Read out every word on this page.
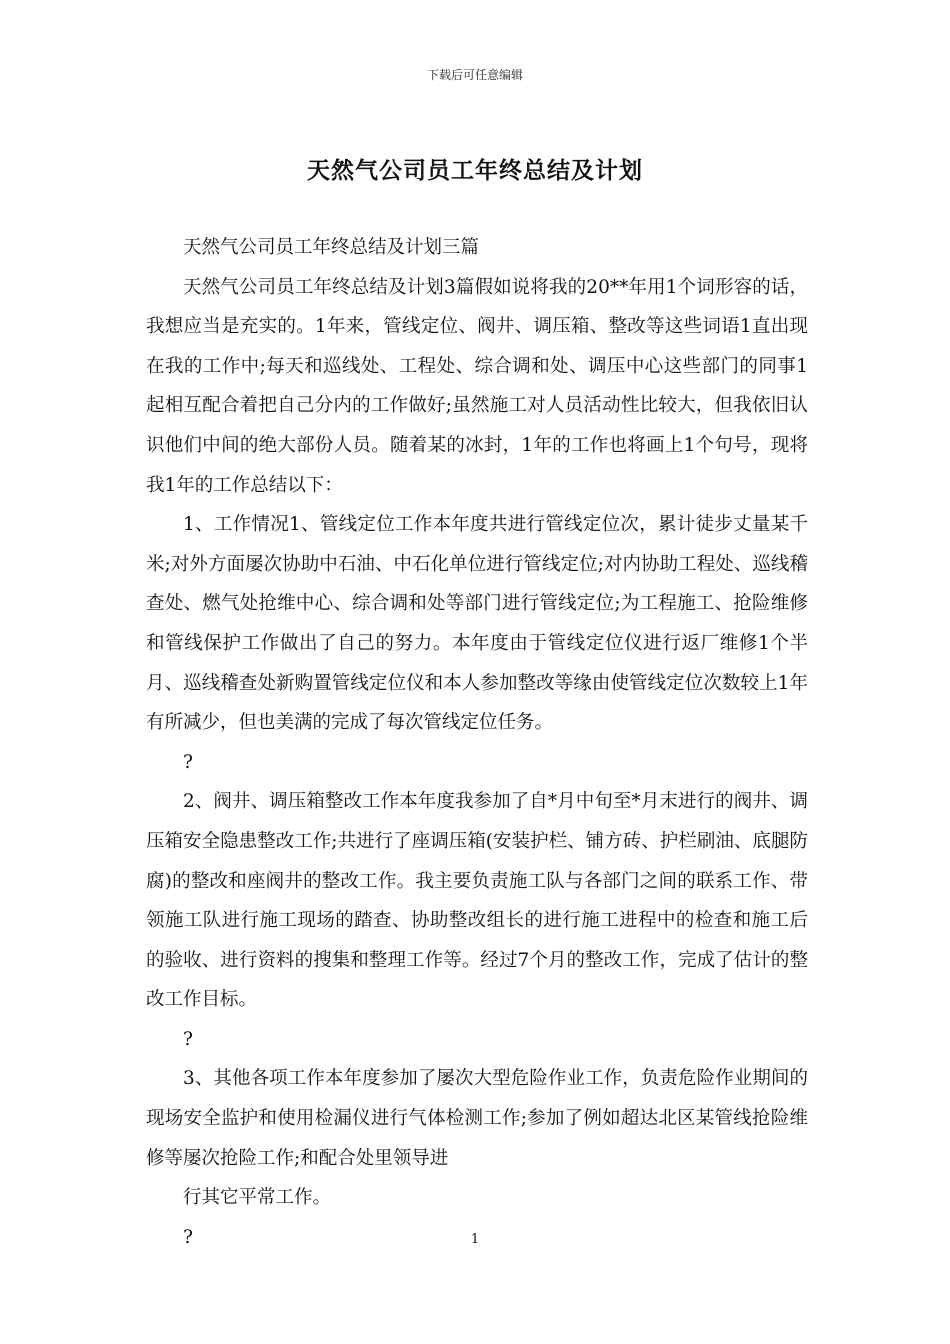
下载后可任意编辑
天然气公司员工年终总结及计划

天然气公司员工年终总结及计划三篇

天然气公司员工年终总结及计划3篇假如说将我的20**年用1个词形容的话，我想应当是充实的。1年来，管线定位、阀井、调压箱、整改等这些词语1直出现在我的工作中;每天和巡线处、工程处、综合调和处、调压中心这些部门的同事1起相互配合着把自己分内的工作做好;虽然施工对人员活动性比较大，但我依旧认识他们中间的绝大部份人员。随着某的冰封，1年的工作也将画上1个句号，现将我1年的工作总结以下：

1、工作情况1、管线定位工作本年度共进行管线定位次，累计徒步丈量某千米;对外方面屡次协助中石油、中石化单位进行管线定位;对内协助工程处、巡线稽查处、燃气处抢维中心、综合调和处等部门进行管线定位;为工程施工、抢险维修和管线保护工作做出了自己的努力。本年度由于管线定位仪进行返厂维修1个半月、巡线稽查处新购置管线定位仪和本人参加整改等缘由使管线定位次数较上1年有所减少，但也美满的完成了每次管线定位任务。

?

2、阀井、调压箱整改工作本年度我参加了自*月中旬至*月末进行的阀井、调压箱安全隐患整改工作;共进行了座调压箱(安装护栏、铺方砖、护栏刷油、底腿防腐)的整改和座阀井的整改工作。我主要负责施工队与各部门之间的联系工作、带领施工队进行施工现场的踏查、协助整改组长的进行施工进程中的检查和施工后的验收、进行资料的搜集和整理工作等。经过7个月的整改工作，完成了估计的整改工作目标。

?

3、其他各项工作本年度参加了屡次大型危险作业工作，负责危险作业期间的现场安全监护和使用检漏仪进行气体检测工作;参加了例如超达北区某管线抢险维修等屡次抢险工作;和配合处里领导进

行其它平常工作。

?	1
